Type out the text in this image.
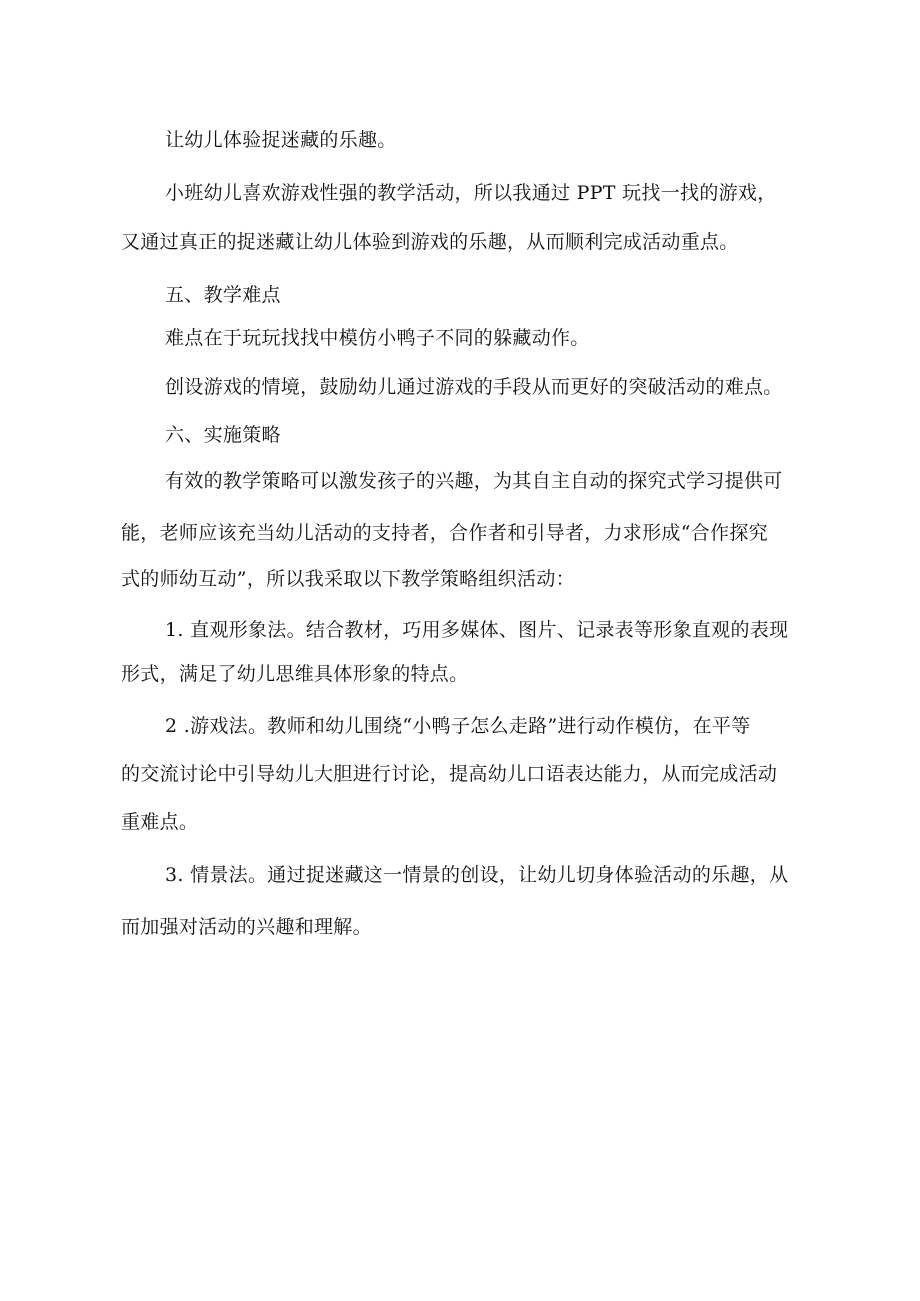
让幼儿体验捉迷藏的乐趣。
小班幼儿喜欢游戏性强的教学活动，所以我通过 PPT 玩找一找的游戏，
又通过真正的捉迷藏让幼儿体验到游戏的乐趣，从而顺利完成活动重点。
五、教学难点
难点在于玩玩找找中模仿小鸭子不同的躲藏动作。
创设游戏的情境，鼓励幼儿通过游戏的手段从而更好的突破活动的难点。
六、实施策略
有效的教学策略可以激发孩子的兴趣，为其自主自动的探究式学习提供可
能，老师应该充当幼儿活动的支持者，合作者和引导者，力求形成“合作探究
式的师幼互动”，所以我采取以下教学策略组织活动：
1. 直观形象法。结合教材，巧用多媒体、图片、记录表等形象直观的表现
形式，满足了幼儿思维具体形象的特点。
2 .游戏法。教师和幼儿围绕“小鸭子怎么走路”进行动作模仿，在平等
的交流讨论中引导幼儿大胆进行讨论，提高幼儿口语表达能力，从而完成活动
重难点。
3. 情景法。通过捉迷藏这一情景的创设，让幼儿切身体验活动的乐趣，从
而加强对活动的兴趣和理解。
